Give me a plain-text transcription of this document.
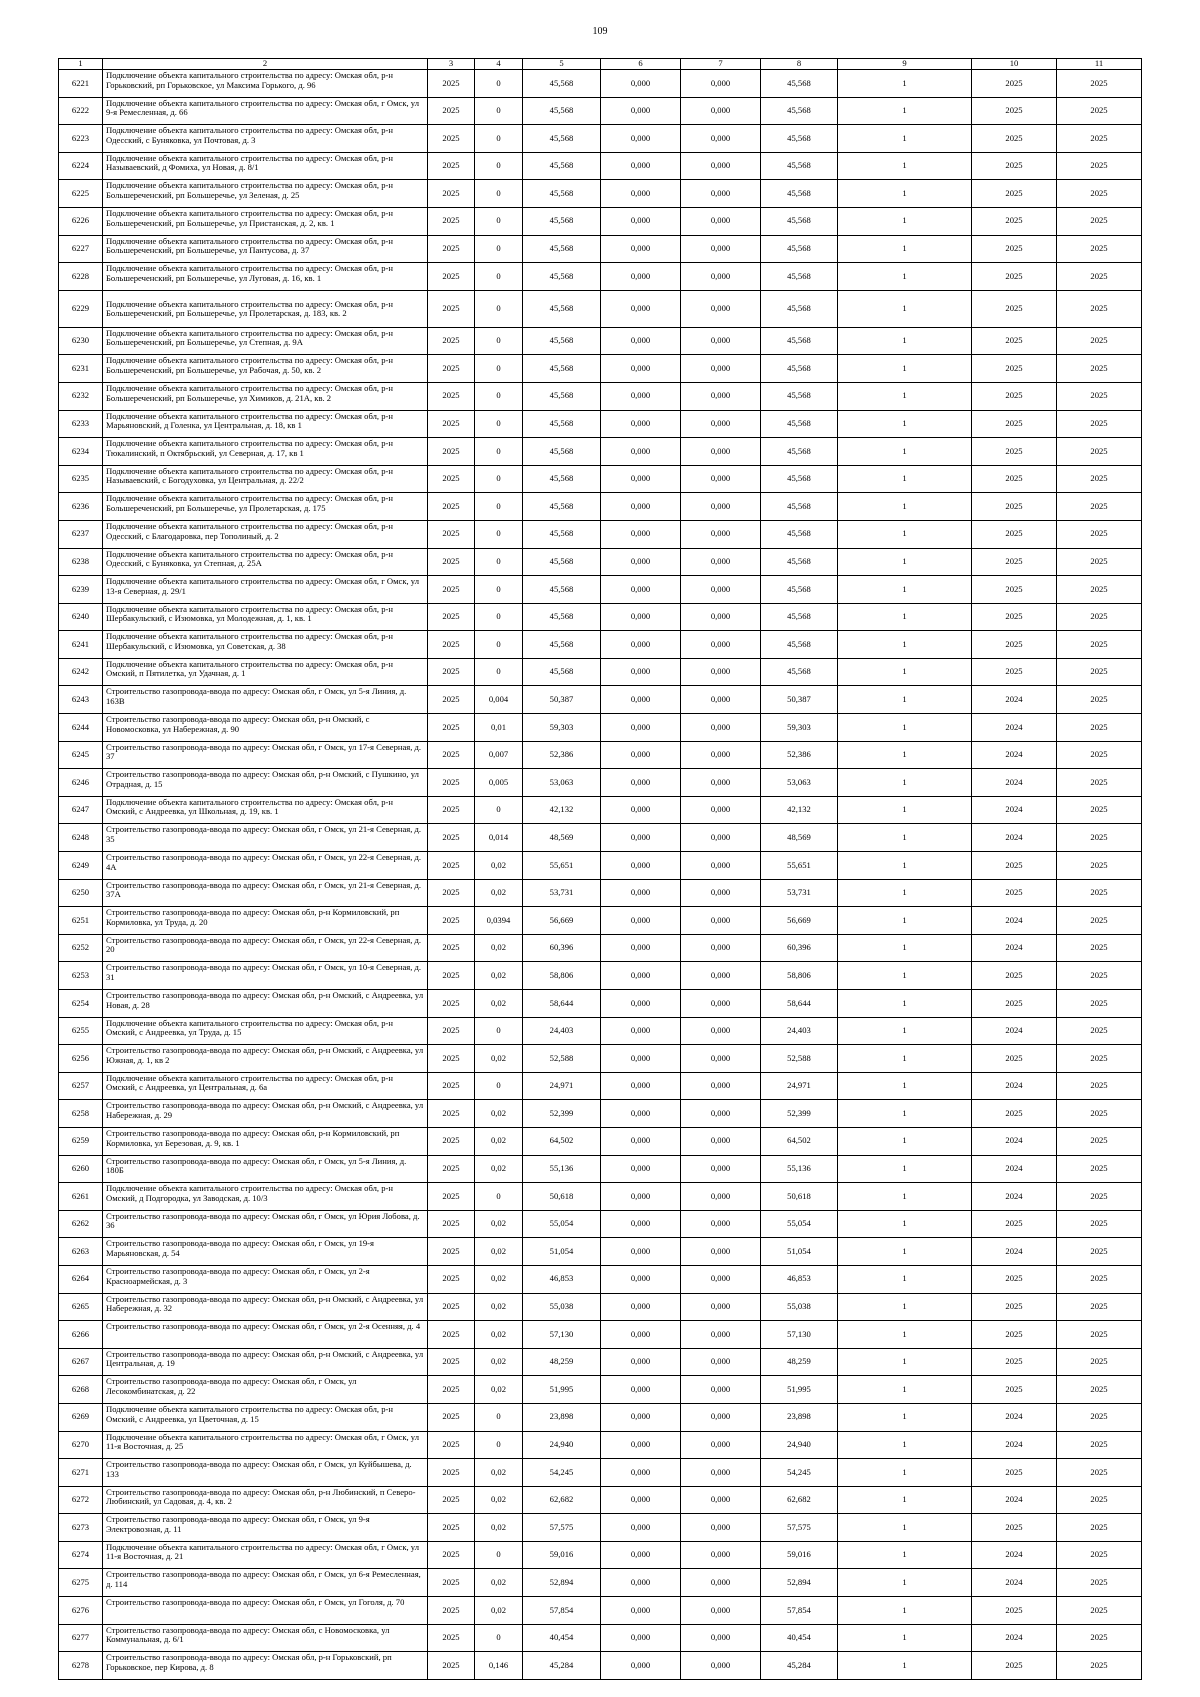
109
1	2	3	4	5	6	7	8	9	10	11
6221	Подключение объекта капитального строительства по адресу: Омская обл, р-н Горьковский, рп Горьковское, ул Максима Горького, д. 96	2025	0	45,568	0,000	0,000	45,568	1	2025	2025
6222	Подключение объекта капитального строительства по адресу: Омская обл, г Омск, ул 9-я Ремесленная, д. 66	2025	0	45,568	0,000	0,000	45,568	1	2025	2025
6223	Подключение объекта капитального строительства по адресу: Омская обл, р-н Одесский, с Буняковка, ул Почтовая, д. 3	2025	0	45,568	0,000	0,000	45,568	1	2025	2025
6224	Подключение объекта капитального строительства по адресу: Омская обл, р-н Называевский, д Фомиха, ул Новая, д. 8/1	2025	0	45,568	0,000	0,000	45,568	1	2025	2025
6225	Подключение объекта капитального строительства по адресу: Омская обл, р-н Большереченский, рп Большеречье, ул Зеленая, д. 25	2025	0	45,568	0,000	0,000	45,568	1	2025	2025
6226	Подключение объекта капитального строительства по адресу: Омская обл, р-н Большереченский, рп Большеречье, ул Пристанская, д. 2, кв. 1	2025	0	45,568	0,000	0,000	45,568	1	2025	2025
6227	Подключение объекта капитального строительства по адресу: Омская обл, р-н Большереченский, рп Большеречье, ул Пантусова, д. 37	2025	0	45,568	0,000	0,000	45,568	1	2025	2025
6228	Подключение объекта капитального строительства по адресу: Омская обл, р-н Большереченский, рп Большеречье, ул Луговая, д. 16, кв. 1	2025	0	45,568	0,000	0,000	45,568	1	2025	2025
6229	Подключение объекта капитального строительства по адресу: Омская обл, р-н Большереченский, рп Большеречье, ул Пролетарская, д. 183, кв. 2	2025	0	45,568	0,000	0,000	45,568	1	2025	2025
6230	Подключение объекта капитального строительства по адресу: Омская обл, р-н Большереченский, рп Большеречье, ул Степная, д. 9А	2025	0	45,568	0,000	0,000	45,568	1	2025	2025
6231	Подключение объекта капитального строительства по адресу: Омская обл, р-н Большереченский, рп Большеречье, ул Рабочая, д. 50, кв. 2	2025	0	45,568	0,000	0,000	45,568	1	2025	2025
6232	Подключение объекта капитального строительства по адресу: Омская обл, р-н Большереченский, рп Большеречье, ул Химиков, д. 21А, кв. 2	2025	0	45,568	0,000	0,000	45,568	1	2025	2025
6233	Подключение объекта капитального строительства по адресу: Омская обл, р-н Марьяновский, д Голенка, ул Центральная, д. 18, кв 1	2025	0	45,568	0,000	0,000	45,568	1	2025	2025
6234	Подключение объекта капитального строительства по адресу: Омская обл, р-н Тюкалинский, п Октябрьский, ул Северная, д. 17, кв 1	2025	0	45,568	0,000	0,000	45,568	1	2025	2025
6235	Подключение объекта капитального строительства по адресу: Омская обл, р-н Называевский, с Богодуховка, ул Центральная, д. 22/2	2025	0	45,568	0,000	0,000	45,568	1	2025	2025
6236	Подключение объекта капитального строительства по адресу: Омская обл, р-н Большереченский, рп Большеречье, ул Пролетарская, д. 175	2025	0	45,568	0,000	0,000	45,568	1	2025	2025
6237	Подключение объекта капитального строительства по адресу: Омская обл, р-н Одесский, с Благодаровка, пер Тополиный, д. 2	2025	0	45,568	0,000	0,000	45,568	1	2025	2025
6238	Подключение объекта капитального строительства по адресу: Омская обл, р-н Одесский, с Буняковка, ул Степная, д. 25А	2025	0	45,568	0,000	0,000	45,568	1	2025	2025
6239	Подключение объекта капитального строительства по адресу: Омская обл, г Омск, ул 13-я Северная, д. 29/1	2025	0	45,568	0,000	0,000	45,568	1	2025	2025
6240	Подключение объекта капитального строительства по адресу: Омская обл, р-н Шербакульский, с Изюмовка, ул Молодежная, д. 1, кв. 1	2025	0	45,568	0,000	0,000	45,568	1	2025	2025
6241	Подключение объекта капитального строительства по адресу: Омская обл, р-н Шербакульский, с Изюмовка, ул Советская, д. 38	2025	0	45,568	0,000	0,000	45,568	1	2025	2025
6242	Подключение объекта капитального строительства по адресу: Омская обл, р-н Омский, п Пятилетка, ул Удачная, д. 1	2025	0	45,568	0,000	0,000	45,568	1	2025	2025
6243	Строительство газопровода-ввода по адресу: Омская обл, г Омск, ул 5-я Линия, д. 163В	2025	0,004	50,387	0,000	0,000	50,387	1	2024	2025
6244	Строительство газопровода-ввода по адресу: Омская обл, р-н Омский, с Новомосковка, ул Набережная, д. 90	2025	0,01	59,303	0,000	0,000	59,303	1	2024	2025
6245	Строительство газопровода-ввода по адресу: Омская обл, г Омск, ул 17-я Северная, д. 37	2025	0,007	52,386	0,000	0,000	52,386	1	2024	2025
6246	Строительство газопровода-ввода по адресу: Омская обл, р-н Омский, с Пушкино, ул Отрадная, д. 15	2025	0,005	53,063	0,000	0,000	53,063	1	2024	2025
6247	Подключение объекта капитального строительства по адресу: Омская обл, р-н Омский, с Андреевка, ул Школьная, д. 19, кв. 1	2025	0	42,132	0,000	0,000	42,132	1	2024	2025
6248	Строительство газопровода-ввода по адресу: Омская обл, г Омск, ул 21-я Северная, д. 35	2025	0,014	48,569	0,000	0,000	48,569	1	2024	2025
6249	Строительство газопровода-ввода по адресу: Омская обл, г Омск, ул 22-я Северная, д. 4А	2025	0,02	55,651	0,000	0,000	55,651	1	2025	2025
6250	Строительство газопровода-ввода по адресу: Омская обл, г Омск, ул 21-я Северная, д. 37А	2025	0,02	53,731	0,000	0,000	53,731	1	2025	2025
6251	Строительство газопровода-ввода по адресу: Омская обл, р-н Кормиловский, рп Кормиловка, ул Труда, д. 20	2025	0,0394	56,669	0,000	0,000	56,669	1	2024	2025
6252	Строительство газопровода-ввода по адресу: Омская обл, г Омск, ул 22-я Северная, д. 20	2025	0,02	60,396	0,000	0,000	60,396	1	2024	2025
6253	Строительство газопровода-ввода по адресу: Омская обл, г Омск, ул 10-я Северная, д. 31	2025	0,02	58,806	0,000	0,000	58,806	1	2025	2025
6254	Строительство газопровода-ввода по адресу: Омская обл, р-н Омский, с Андреевка, ул Новая, д. 28	2025	0,02	58,644	0,000	0,000	58,644	1	2025	2025
6255	Подключение объекта капитального строительства по адресу: Омская обл, р-н Омский, с Андреевка, ул Труда, д. 15	2025	0	24,403	0,000	0,000	24,403	1	2024	2025
6256	Строительство газопровода-ввода по адресу: Омская обл, р-н Омский, с Андреевка, ул Южная, д. 1, кв 2	2025	0,02	52,588	0,000	0,000	52,588	1	2025	2025
6257	Подключение объекта капитального строительства по адресу: Омская обл, р-н Омский, с Андреевка, ул Центральная, д. 6а	2025	0	24,971	0,000	0,000	24,971	1	2024	2025
6258	Строительство газопровода-ввода по адресу: Омская обл, р-н Омский, с Андреевка, ул Набережная, д. 29	2025	0,02	52,399	0,000	0,000	52,399	1	2025	2025
6259	Строительство газопровода-ввода по адресу: Омская обл, р-н Кормиловский, рп Кормиловка, ул Березовая, д. 9, кв. 1	2025	0,02	64,502	0,000	0,000	64,502	1	2024	2025
6260	Строительство газопровода-ввода по адресу: Омская обл, г Омск, ул 5-я Линия, д. 180Б	2025	0,02	55,136	0,000	0,000	55,136	1	2024	2025
6261	Подключение объекта капитального строительства по адресу: Омская обл, р-н Омский, д Подгородка, ул Заводская, д. 10/3	2025	0	50,618	0,000	0,000	50,618	1	2024	2025
6262	Строительство газопровода-ввода по адресу: Омская обл, г Омск, ул Юрия Лобова, д. 36	2025	0,02	55,054	0,000	0,000	55,054	1	2025	2025
6263	Строительство газопровода-ввода по адресу: Омская обл, г Омск, ул 19-я Марьяновская, д. 54	2025	0,02	51,054	0,000	0,000	51,054	1	2024	2025
6264	Строительство газопровода-ввода по адресу: Омская обл, г Омск, ул 2-я Красноармейская, д. 3	2025	0,02	46,853	0,000	0,000	46,853	1	2025	2025
6265	Строительство газопровода-ввода по адресу: Омская обл, р-н Омский, с Андреевка, ул Набережная, д. 32	2025	0,02	55,038	0,000	0,000	55,038	1	2025	2025
6266	Строительство газопровода-ввода по адресу: Омская обл, г Омск, ул 2-я Осенняя, д. 4	2025	0,02	57,130	0,000	0,000	57,130	1	2025	2025
6267	Строительство газопровода-ввода по адресу: Омская обл, р-н Омский, с Андреевка, ул Центральная, д. 19	2025	0,02	48,259	0,000	0,000	48,259	1	2025	2025
6268	Строительство газопровода-ввода по адресу: Омская обл, г Омск, ул Лесокомбинатская, д. 22	2025	0,02	51,995	0,000	0,000	51,995	1	2025	2025
6269	Подключение объекта капитального строительства по адресу: Омская обл, р-н Омский, с Андреевка, ул Цветочная, д. 15	2025	0	23,898	0,000	0,000	23,898	1	2024	2025
6270	Подключение объекта капитального строительства по адресу: Омская обл, г Омск, ул 11-я Восточная, д. 25	2025	0	24,940	0,000	0,000	24,940	1	2024	2025
6271	Строительство газопровода-ввода по адресу: Омская обл, г Омск, ул Куйбышева, д. 133	2025	0,02	54,245	0,000	0,000	54,245	1	2025	2025
6272	Строительство газопровода-ввода по адресу: Омская обл, р-н Любинский, п Северо-Любинский, ул Садовая, д. 4, кв. 2	2025	0,02	62,682	0,000	0,000	62,682	1	2024	2025
6273	Строительство газопровода-ввода по адресу: Омская обл, г Омск, ул 9-я Электровозная, д. 11	2025	0,02	57,575	0,000	0,000	57,575	1	2025	2025
6274	Подключение объекта капитального строительства по адресу: Омская обл, г Омск, ул 11-я Восточная, д. 21	2025	0	59,016	0,000	0,000	59,016	1	2024	2025
6275	Строительство газопровода-ввода по адресу: Омская обл, г Омск, ул 6-я Ремесленная, д. 114	2025	0,02	52,894	0,000	0,000	52,894	1	2024	2025
6276	Строительство газопровода-ввода по адресу: Омская обл, г Омск, ул Гоголя, д. 70	2025	0,02	57,854	0,000	0,000	57,854	1	2025	2025
6277	Строительство газопровода-ввода по адресу: Омская обл, с Новомосковка, ул Коммунальная, д. 6/1	2025	0	40,454	0,000	0,000	40,454	1	2024	2025
6278	Строительство газопровода-ввода по адресу: Омская обл, р-н Горьковский, рп Горьковское, пер Кирова, д. 8	2025	0,146	45,284	0,000	0,000	45,284	1	2025	2025
